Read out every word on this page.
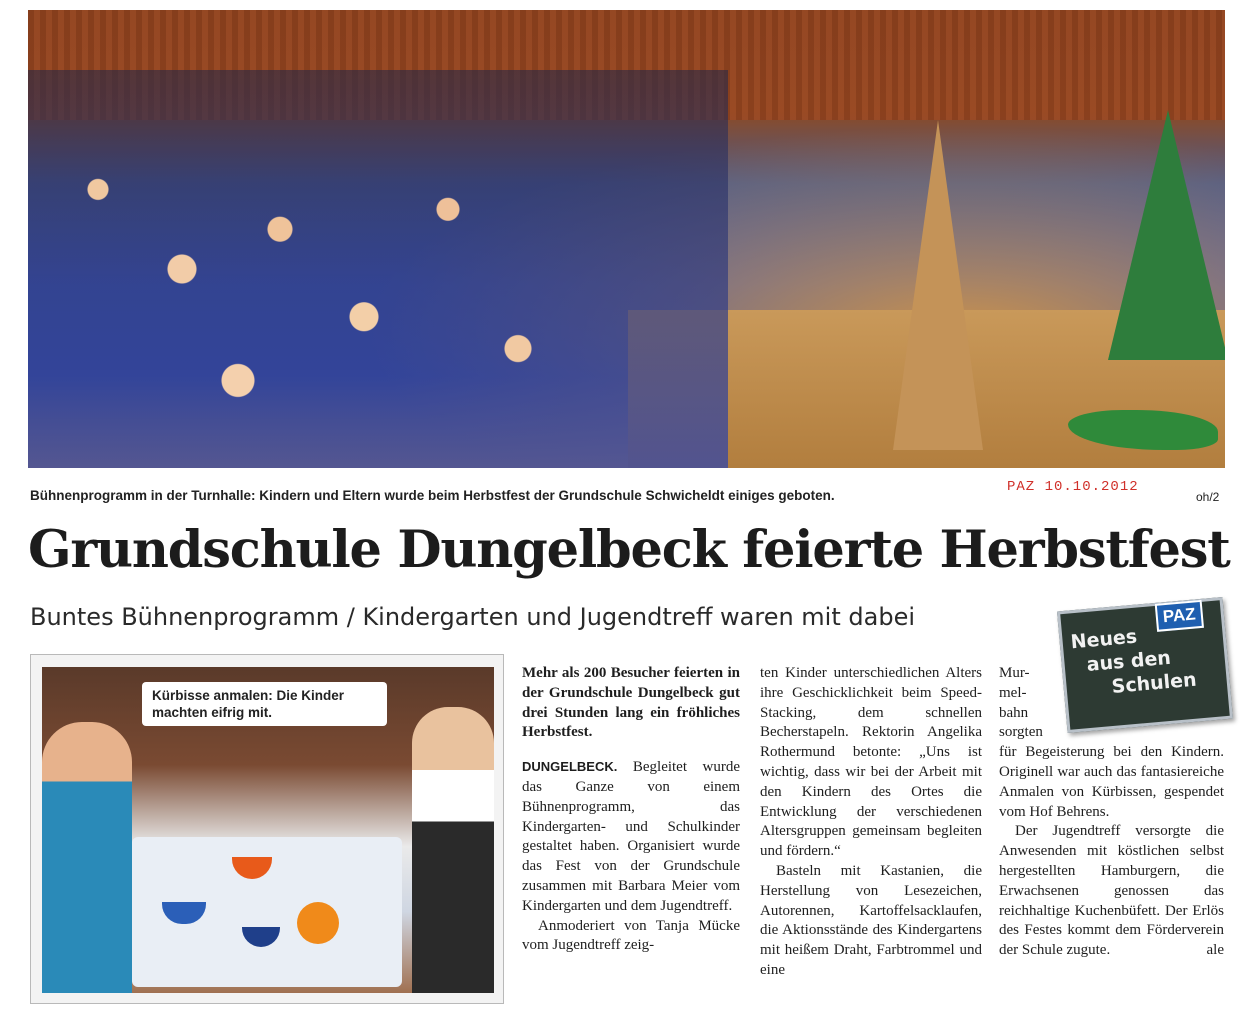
Bühnenprogramm in der Turnhalle: Kindern und Eltern wurde beim Herbstfest der Grundschule Schwicheldt einiges geboten.
PAZ 10.10.2012
oh/2
Grundschule Dungelbeck feierte Herbstfest
Buntes Bühnenprogramm / Kindergarten und Jugendtreff waren mit dabei	PAZ
Neues
aus den
Schulen
Kürbisse anmalen: Die Kinder machten eifrig mit.

Mehr als 200 Besucher feierten in der Grundschule Dungelbeck gut drei Stunden lang ein fröhliches Herbstfest.

DUNGELBECK. Begleitet wurde das Ganze von einem Bühnenprogramm, das Kindergarten- und Schulkinder gestaltet haben. Organisiert wurde das Fest von der Grundschule zusammen mit Barbara Meier vom Kindergarten und dem Jugendtreff.

Anmoderiert von Tanja Mücke vom Jugendtreff zeig-

ten Kinder unterschiedlichen Alters ihre Geschicklichkeit beim Speed-Stacking, dem schnellen Becherstapeln. Rektorin Angelika Rothermund betonte: „Uns ist wichtig, dass wir bei der Arbeit mit den Kindern des Ortes die Entwicklung der verschiedenen Altersgruppen gemeinsam begleiten und fördern.“

Basteln mit Kastanien, die Herstellung von Lesezeichen, Autorennen, Kartoffelsacklaufen, die Aktionsstände des Kindergartens mit heißem Draht, Farbtrommel und eine

Mur-

mel-

bahn

sorgten

für Begeisterung bei den Kindern. Originell war auch das fantasiereiche Anmalen von Kürbissen, gespendet vom Hof Behrens.

Der Jugendtreff versorgte die Anwesenden mit köstlichen selbst hergestellten Hamburgern, die Erwachsenen genossen das reichhaltige Kuchenbüfett. Der Erlös des Festes kommt dem Förderverein der Schule zugute.	ale
